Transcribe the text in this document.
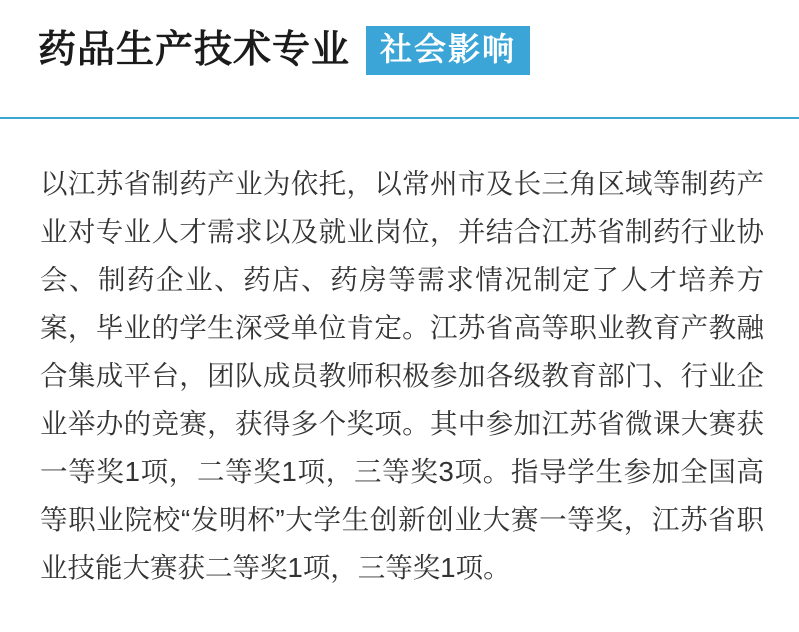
药品生产技术专业 社会影响
以江苏省制药产业为依托，以常州市及长三角区域等制药产业对专业人才需求以及就业岗位，并结合江苏省制药行业协会、制药企业、药店、药房等需求情况制定了人才培养方案，毕业的学生深受单位肯定。江苏省高等职业教育产教融合集成平台，团队成员教师积极参加各级教育部门、行业企业举办的竞赛，获得多个奖项。其中参加江苏省微课大赛获一等奖1项，二等奖1项，三等奖3项。指导学生参加全国高等职业院校“发明杯”大学生创新创业大赛一等奖，江苏省职业技能大赛获二等奖1项，三等奖1项。
